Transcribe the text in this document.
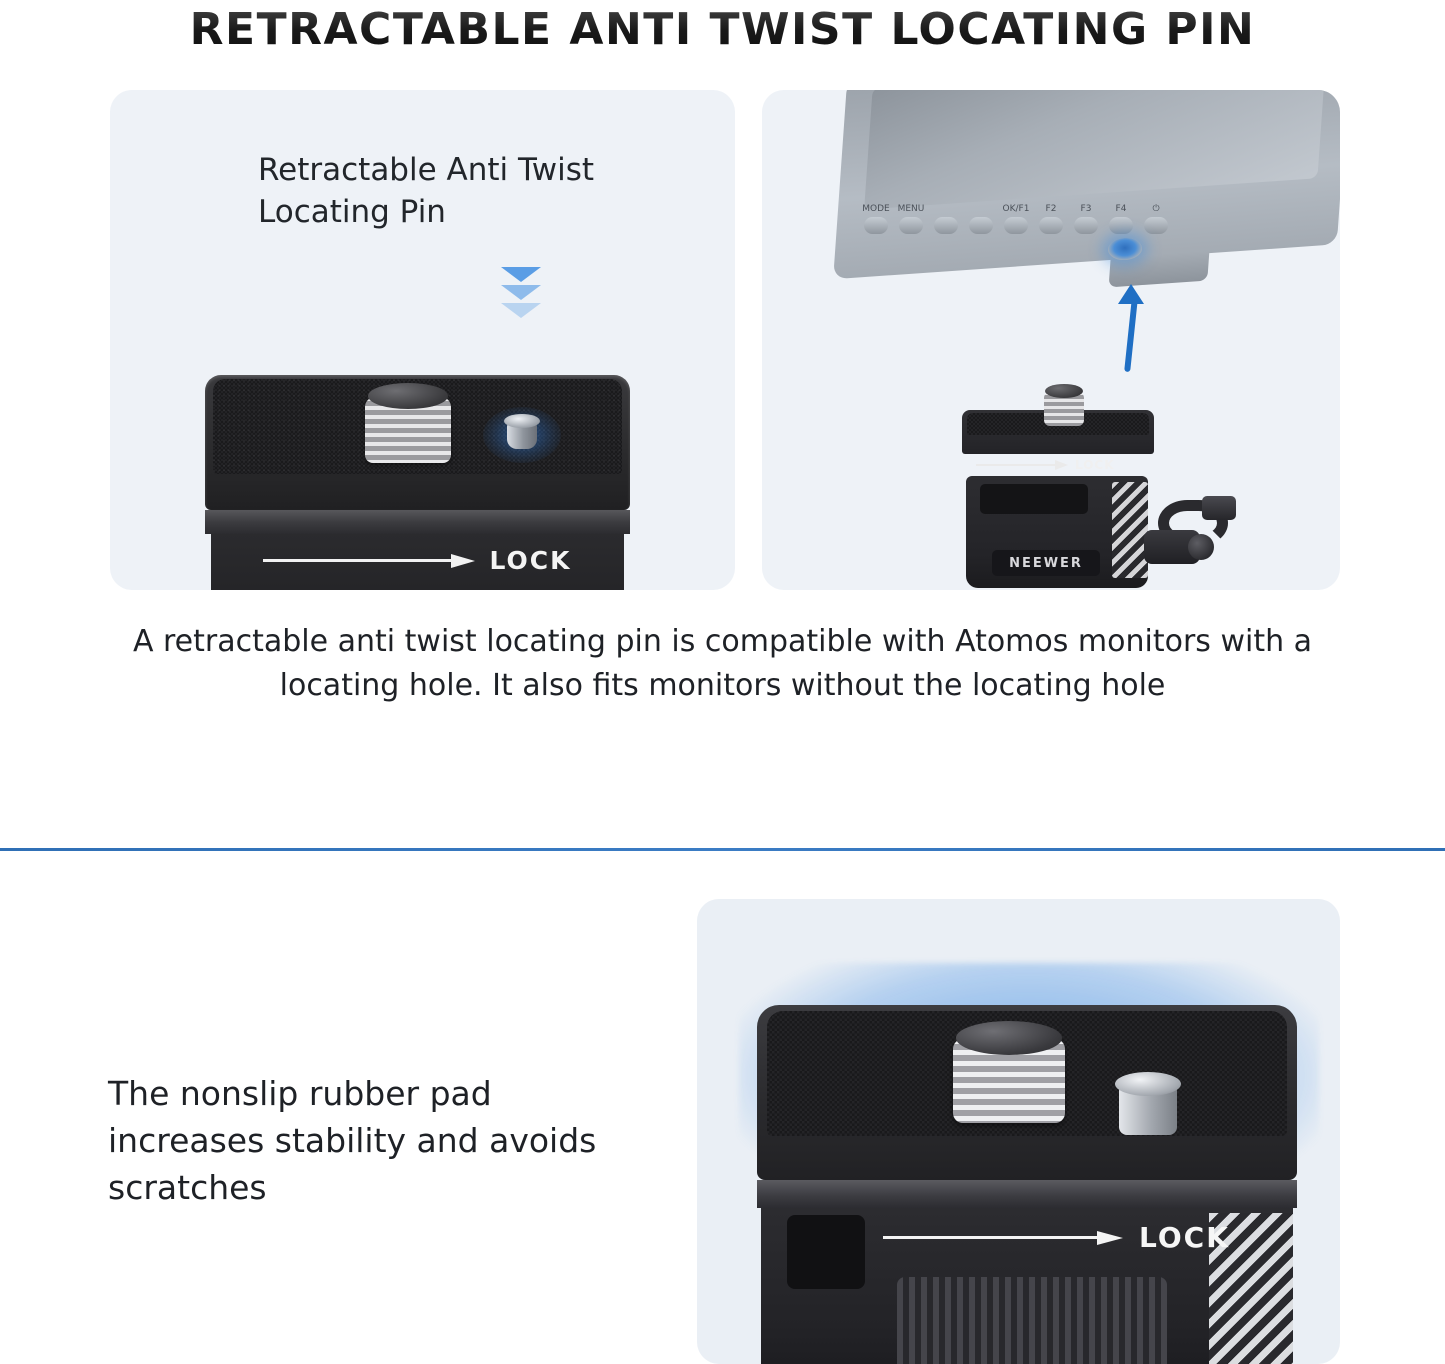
RETRACTABLE ANTI TWIST LOCATING PIN
Retractable Anti Twist Locating Pin
LOCK
MODE MENU	OK/F1 F2	F3	F4	⏻
LOCK
NEEWER
A retractable anti twist locating pin is compatible with Atomos monitors with a locating hole. It also fits monitors without the locating hole
The nonslip rubber pad increases stability and avoids scratches
LOCK
